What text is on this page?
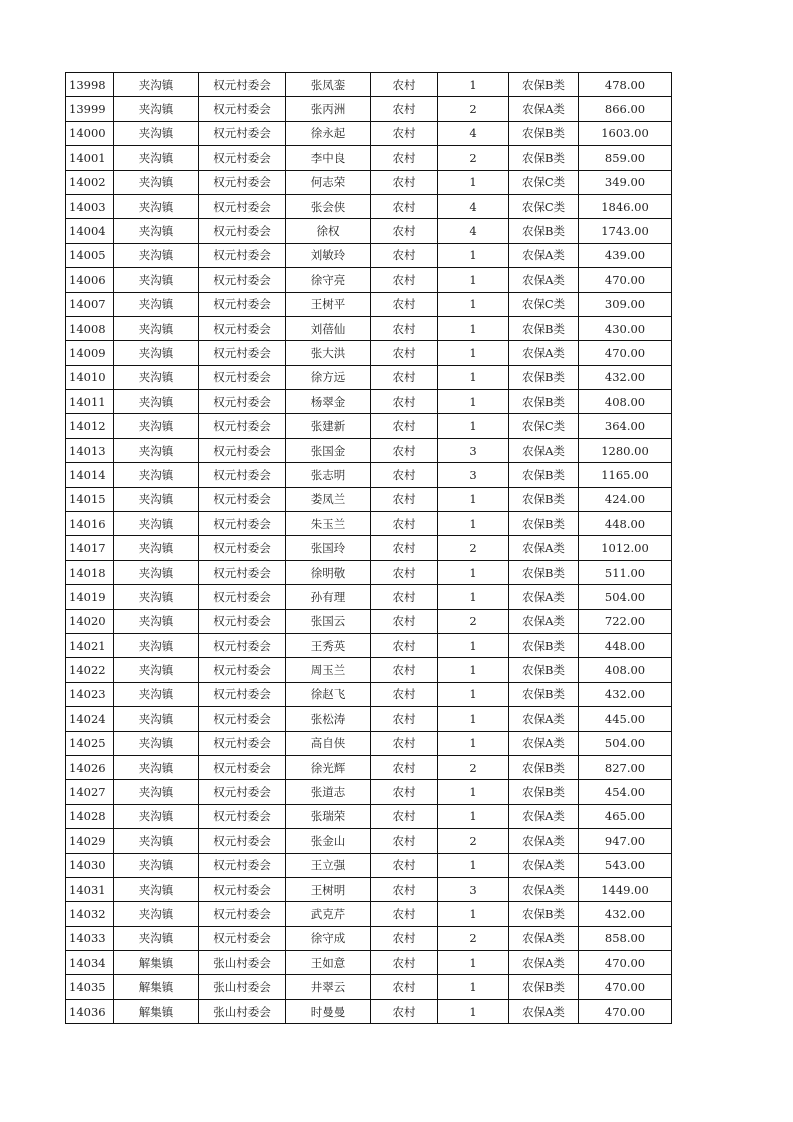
13998	夹沟镇	权元村委会	张凤銮	农村	1	农保B类	478.00
13999	夹沟镇	权元村委会	张丙洲	农村	2	农保A类	866.00
14000	夹沟镇	权元村委会	徐永起	农村	4	农保B类	1603.00
14001	夹沟镇	权元村委会	李中良	农村	2	农保B类	859.00
14002	夹沟镇	权元村委会	何志荣	农村	1	农保C类	349.00
14003	夹沟镇	权元村委会	张会侠	农村	4	农保C类	1846.00
14004	夹沟镇	权元村委会	徐权	农村	4	农保B类	1743.00
14005	夹沟镇	权元村委会	刘敏玲	农村	1	农保A类	439.00
14006	夹沟镇	权元村委会	徐守亮	农村	1	农保A类	470.00
14007	夹沟镇	权元村委会	王树平	农村	1	农保C类	309.00
14008	夹沟镇	权元村委会	刘蓓仙	农村	1	农保B类	430.00
14009	夹沟镇	权元村委会	张大洪	农村	1	农保A类	470.00
14010	夹沟镇	权元村委会	徐方远	农村	1	农保B类	432.00
14011	夹沟镇	权元村委会	杨翠金	农村	1	农保B类	408.00
14012	夹沟镇	权元村委会	张建新	农村	1	农保C类	364.00
14013	夹沟镇	权元村委会	张国金	农村	3	农保A类	1280.00
14014	夹沟镇	权元村委会	张志明	农村	3	农保B类	1165.00
14015	夹沟镇	权元村委会	娄凤兰	农村	1	农保B类	424.00
14016	夹沟镇	权元村委会	朱玉兰	农村	1	农保B类	448.00
14017	夹沟镇	权元村委会	张国玲	农村	2	农保A类	1012.00
14018	夹沟镇	权元村委会	徐明敬	农村	1	农保B类	511.00
14019	夹沟镇	权元村委会	孙有理	农村	1	农保A类	504.00
14020	夹沟镇	权元村委会	张国云	农村	2	农保A类	722.00
14021	夹沟镇	权元村委会	王秀英	农村	1	农保B类	448.00
14022	夹沟镇	权元村委会	周玉兰	农村	1	农保B类	408.00
14023	夹沟镇	权元村委会	徐赵飞	农村	1	农保B类	432.00
14024	夹沟镇	权元村委会	张松涛	农村	1	农保A类	445.00
14025	夹沟镇	权元村委会	高自侠	农村	1	农保A类	504.00
14026	夹沟镇	权元村委会	徐光辉	农村	2	农保B类	827.00
14027	夹沟镇	权元村委会	张道志	农村	1	农保B类	454.00
14028	夹沟镇	权元村委会	张瑞荣	农村	1	农保A类	465.00
14029	夹沟镇	权元村委会	张金山	农村	2	农保A类	947.00
14030	夹沟镇	权元村委会	王立强	农村	1	农保A类	543.00
14031	夹沟镇	权元村委会	王树明	农村	3	农保A类	1449.00
14032	夹沟镇	权元村委会	武克芹	农村	1	农保B类	432.00
14033	夹沟镇	权元村委会	徐守成	农村	2	农保A类	858.00
14034	解集镇	张山村委会	王如意	农村	1	农保A类	470.00
14035	解集镇	张山村委会	井翠云	农村	1	农保B类	470.00
14036	解集镇	张山村委会	时曼曼	农村	1	农保A类	470.00
